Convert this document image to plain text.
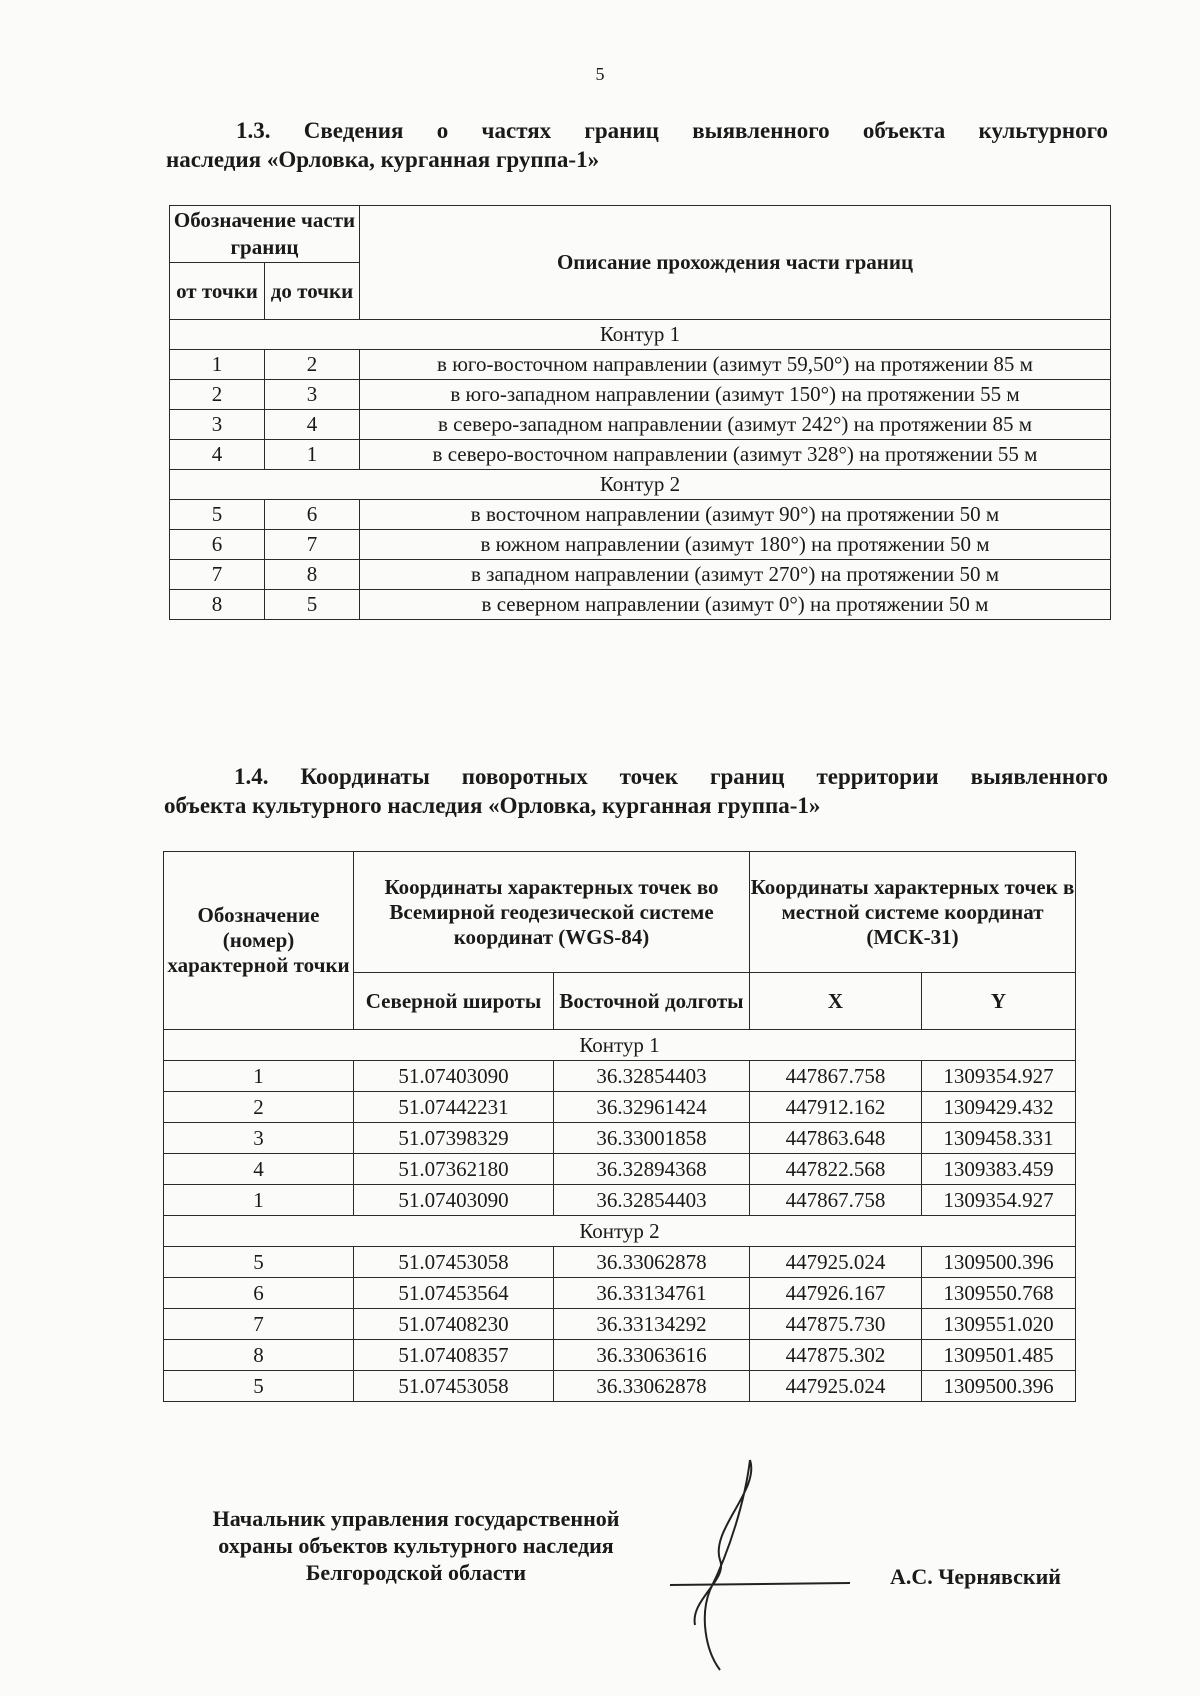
5
1.3. Сведения о частях границ выявленного объекта культурного
наследия «Орловка, курганная группа-1»
Обозначение части границ		Описание прохождения части границ
от точки	до точки	
Контур 1		
1	2	в юго-восточном направлении (азимут 59,50°) на протяжении 85 м
2	3	в юго-западном направлении (азимут 150°) на протяжении 55 м
3	4	в северо-западном направлении (азимут 242°) на протяжении 85 м
4	1	в северо-восточном направлении (азимут 328°) на протяжении 55 м
Контур 2		
5	6	в восточном направлении (азимут 90°) на протяжении 50 м
6	7	в южном направлении (азимут 180°) на протяжении 50 м
7	8	в западном направлении (азимут 270°) на протяжении 50 м
8	5	в северном направлении (азимут 0°) на протяжении 50 м
1.4. Координаты поворотных точек границ территории выявленного
объекта культурного наследия «Орловка, курганная группа-1»
Обозначение (номер) характерной точки	Координаты характерных точек во Всемирной геодезической системе координат (WGS-84)		Координаты характерных точек в местной системе координат (МСК-31)	
	Северной широты	Восточной долготы	X	Y
Контур 1				
1	51.07403090	36.32854403	447867.758	1309354.927
2	51.07442231	36.32961424	447912.162	1309429.432
3	51.07398329	36.33001858	447863.648	1309458.331
4	51.07362180	36.32894368	447822.568	1309383.459
1	51.07403090	36.32854403	447867.758	1309354.927
Контур 2				
5	51.07453058	36.33062878	447925.024	1309500.396
6	51.07453564	36.33134761	447926.167	1309550.768
7	51.07408230	36.33134292	447875.730	1309551.020
8	51.07408357	36.33063616	447875.302	1309501.485
5	51.07453058	36.33062878	447925.024	1309500.396
Начальник управления государственной
охраны объектов культурного наследия
Белгородской области	А.С. Чернявский
